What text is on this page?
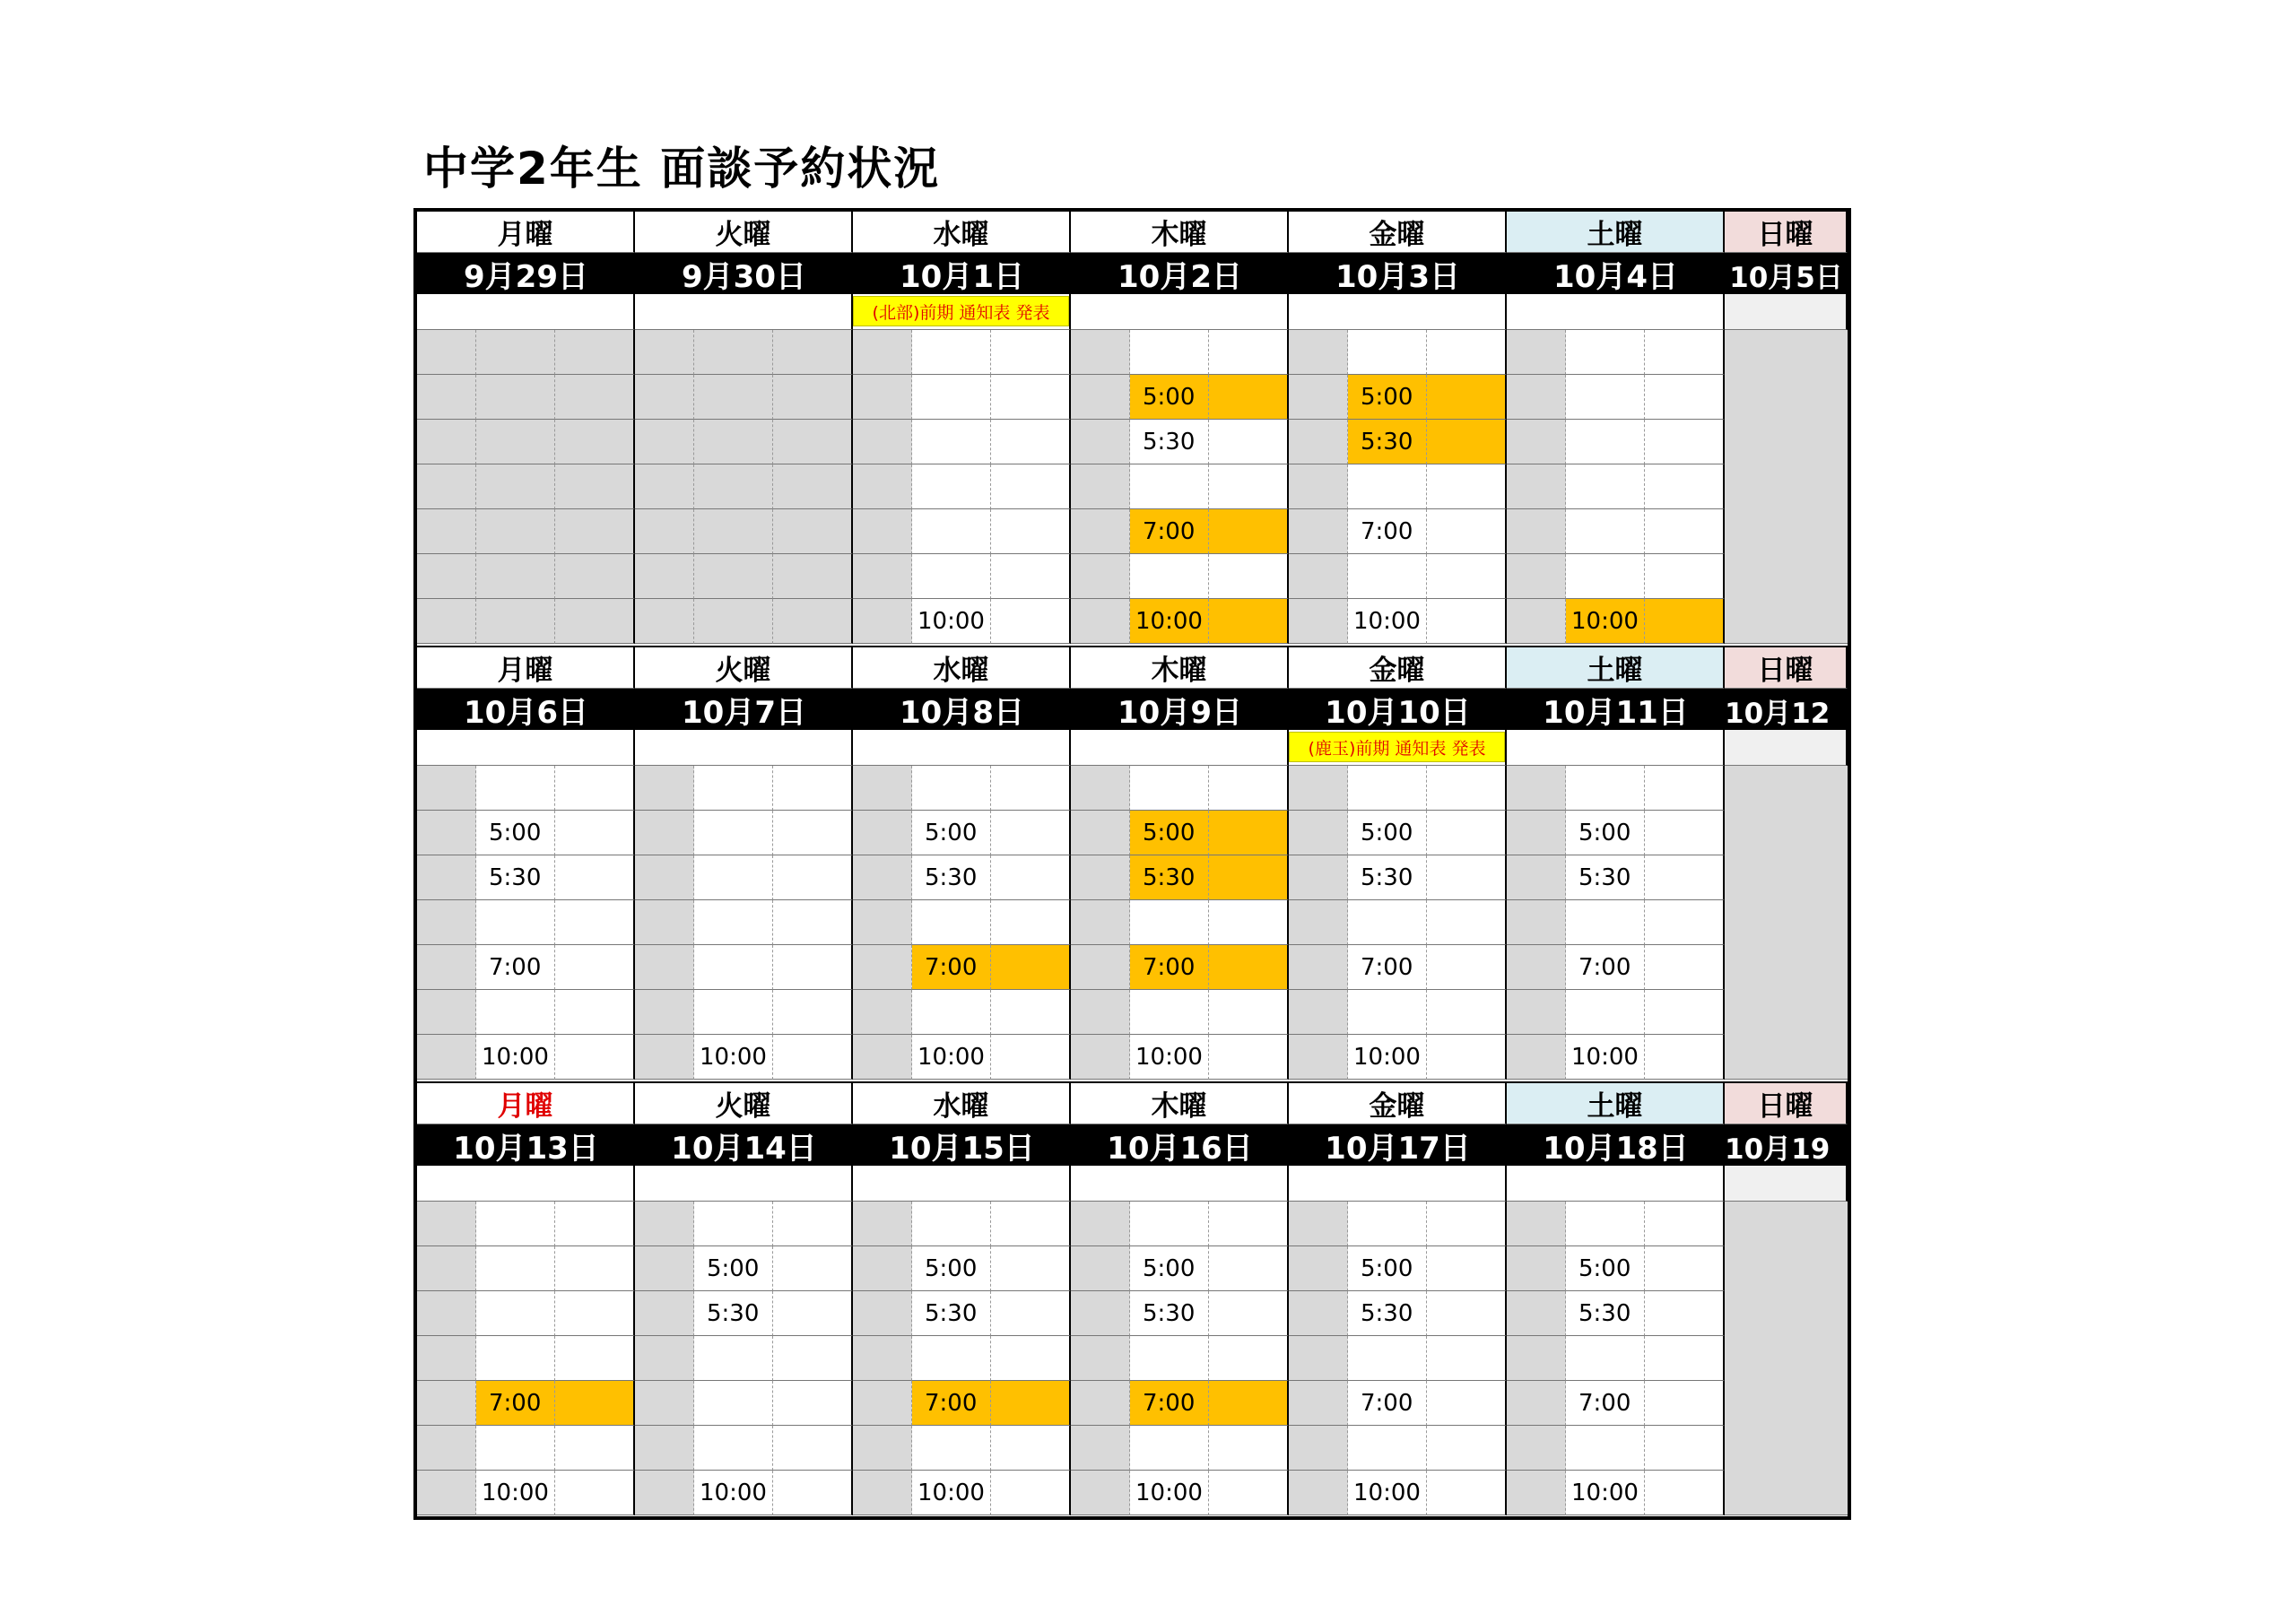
中学2年生 面談予約状況
月曜
9月29日
火曜
9月30日
水曜
10月1日
(北部)前期 通知表 発表
10:00
木曜
10月2日
5:00
5:30
7:00
10:00
金曜
10月3日
5:00
5:30
7:00
10:00
土曜
10月4日
10:00
日曜
10月5日
月曜
10月6日
5:00
5:30
7:00
10:00
火曜
10月7日
10:00
水曜
10月8日
5:00
5:30
7:00
10:00
木曜
10月9日
5:00
5:30
7:00
10:00
金曜
10月10日
(鹿玉)前期 通知表 発表
5:00
5:30
7:00
10:00
土曜
10月11日
5:00
5:30
7:00
10:00
日曜
10月12
月曜
10月13日
7:00
10:00
火曜
10月14日
5:00
5:30
10:00
水曜
10月15日
5:00
5:30
7:00
10:00
木曜
10月16日
5:00
5:30
7:00
10:00
金曜
10月17日
5:00
5:30
7:00
10:00
土曜
10月18日
5:00
5:30
7:00
10:00
日曜
10月19
